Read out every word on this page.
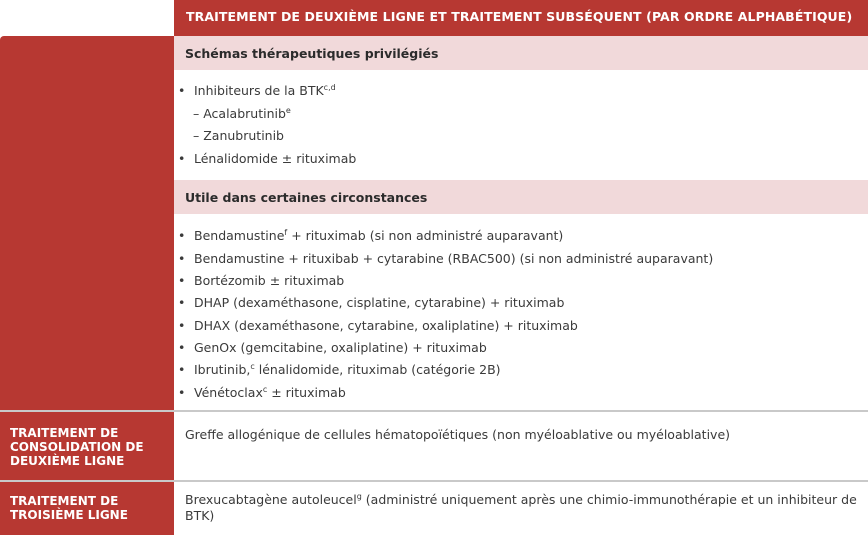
TRAITEMENT DE DEUXIÈME LIGNE ET TRAITEMENT SUBSÉQUENT (PAR ORDRE ALPHABÉTIQUE)
Schémas thérapeutiques privilégiés
• Inhibiteurs de la BTK$^{c,d}$
– Acalabrutinib$^e$
– Zanubrutinib
• Lénalidomide ± rituximab
Utile dans certaines circonstances
• Bendamustine$^f$ + rituximab (si non administré auparavant)
• Bendamustine + rituxibab + cytarabine (RBAC500) (si non administré auparavant)
• Bortézomib ± rituximab
• DHAP (dexaméthasone, cisplatine, cytarabine) + rituximab
• DHAX (dexaméthasone, cytarabine, oxaliplatine) + rituximab
• GenOx (gemcitabine, oxaliplatine) + rituximab
• Ibrutinib,$^c$ lénalidomide, rituximab (catégorie 2B)
• Vénétoclax$^c$ ± rituximab
TRAITEMENT DE
CONSOLIDATION DE
DEUXIÈME LIGNE
Greffe allogénique de cellules hématopoïétiques (non myéloablative ou myéloablative)
TRAITEMENT DE
TROISIÈME LIGNE
Brexucabtagène autoleucel$^g$ (administré uniquement après une chimio-immunothérapie et un inhibiteur de
BTK)
